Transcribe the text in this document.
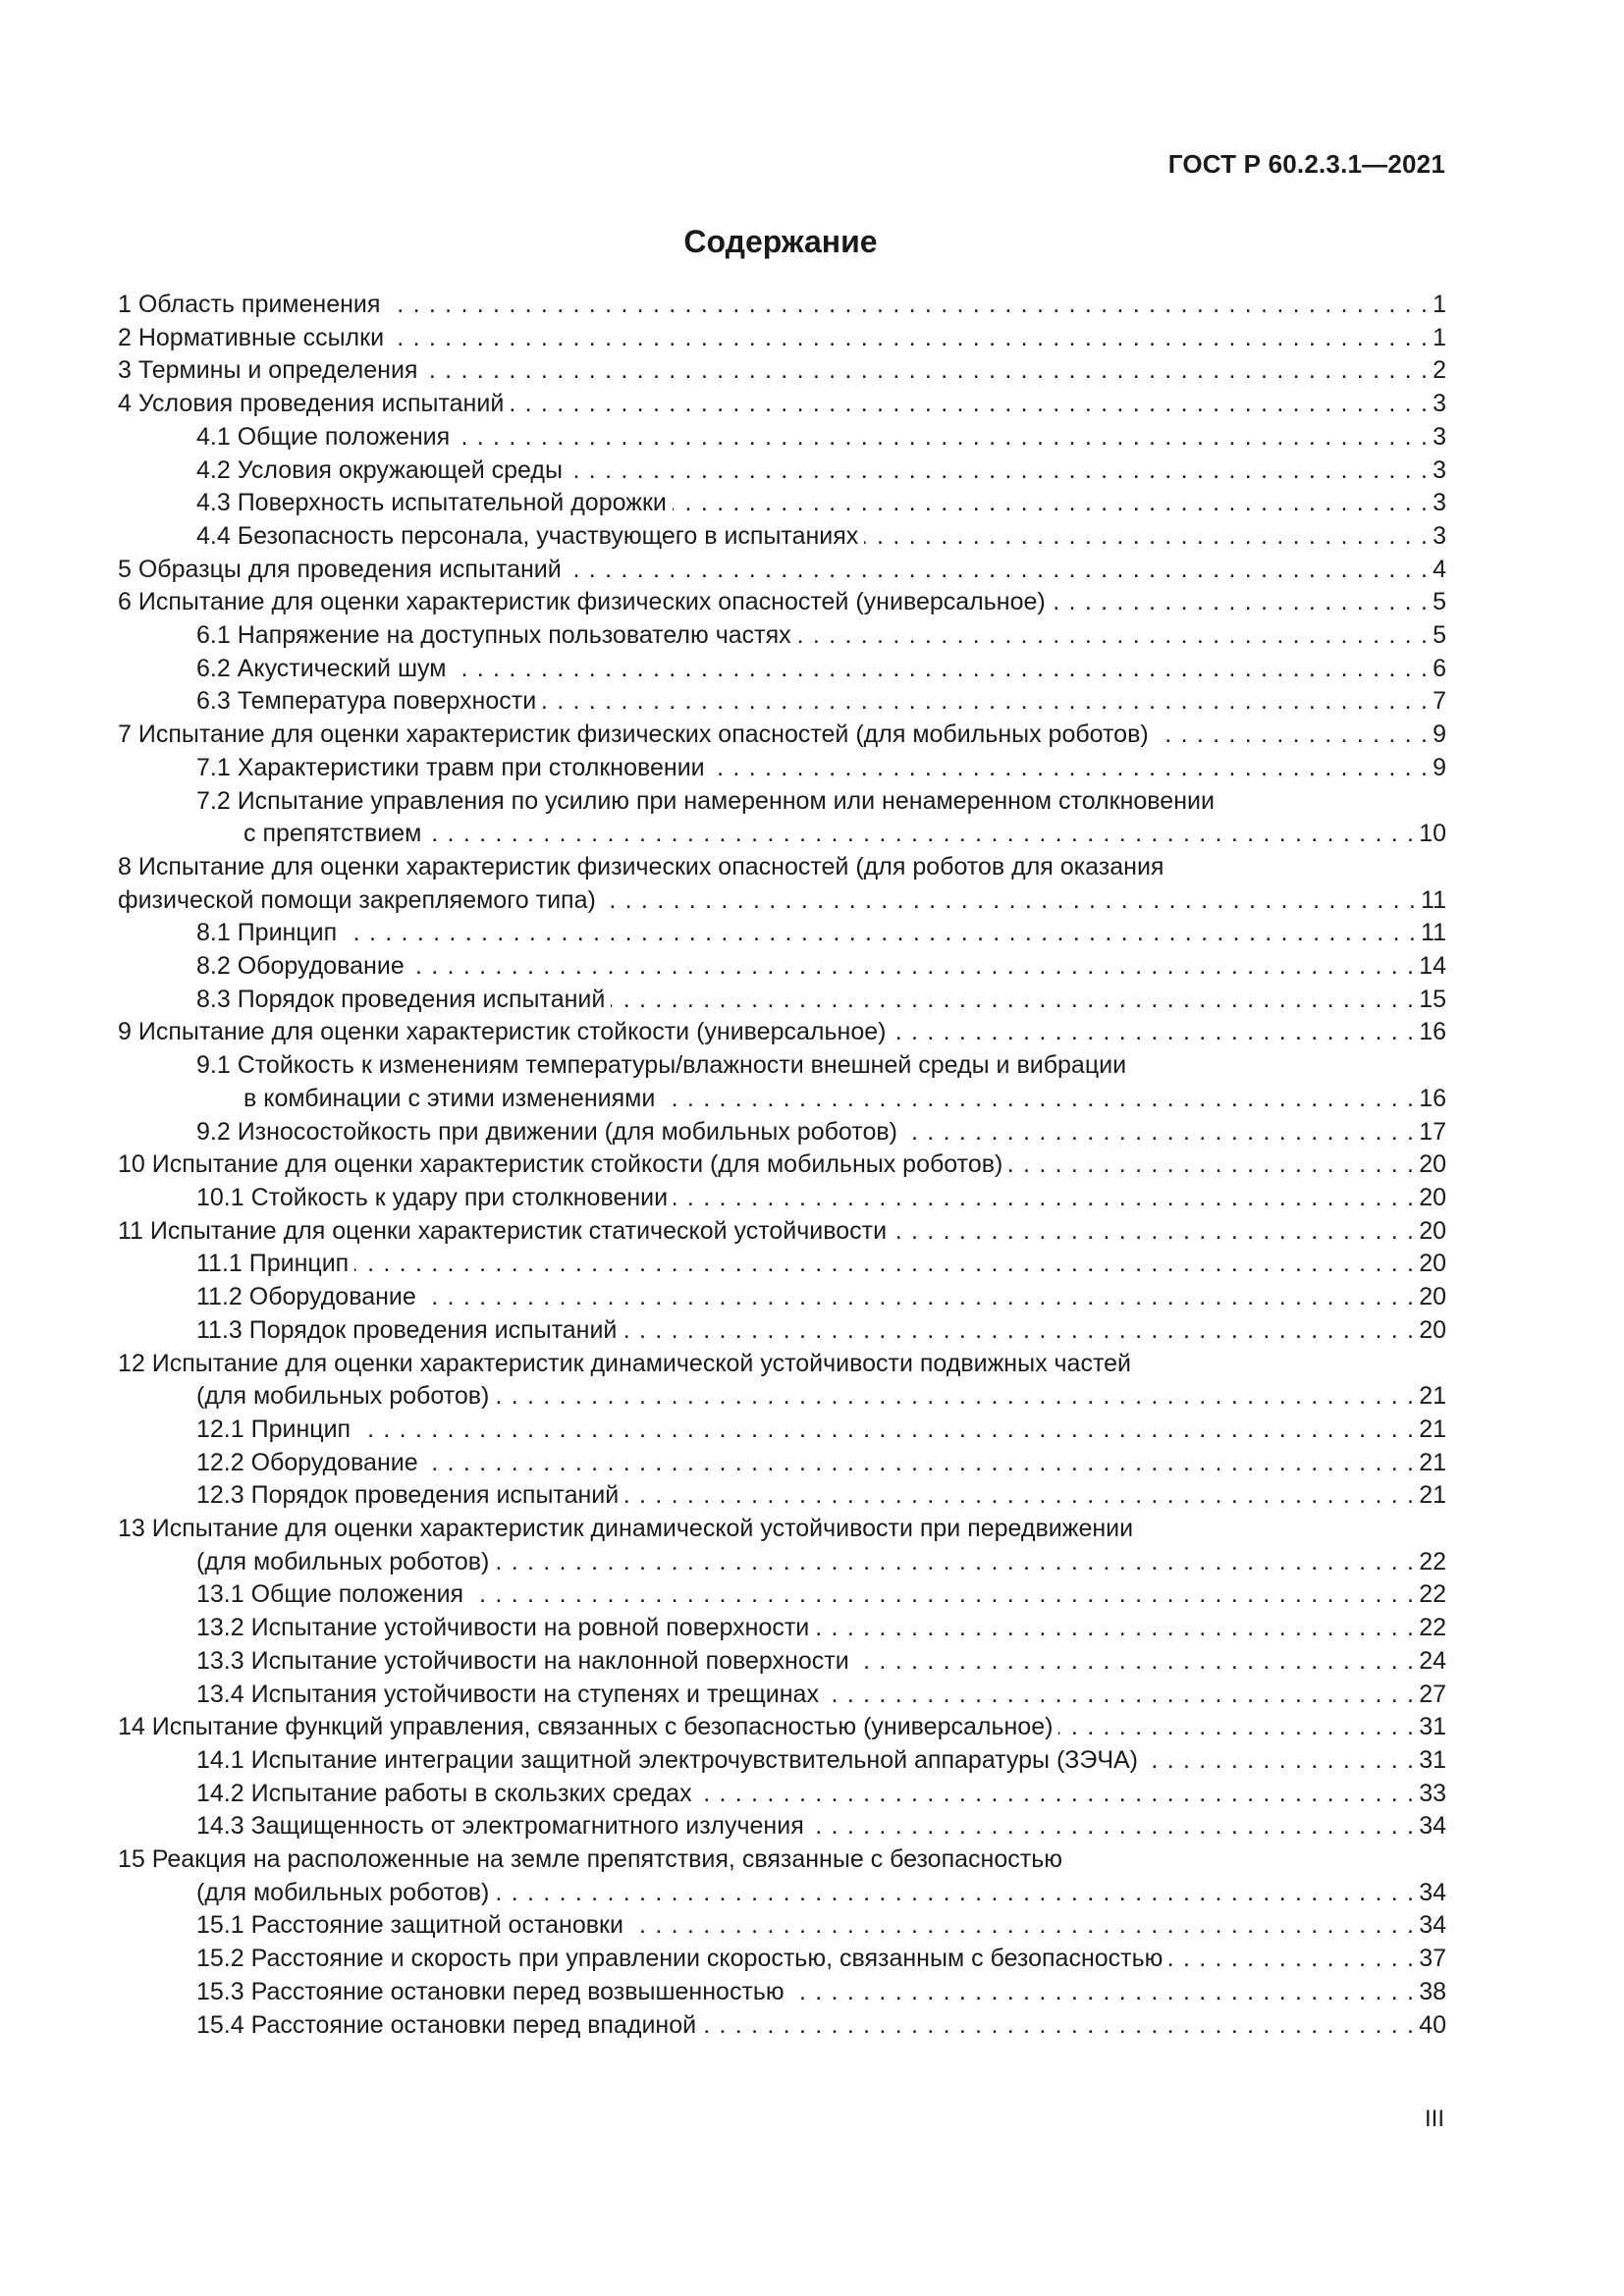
ГОСТ Р 60.2.3.1—2021
Содержание
1 Область применения . . .	1
2 Нормативные ссылки . . .	1
3 Термины и определения . . .	2
4 Условия проведения испытаний . . .	3
4.1 Общие положения . . .	3
4.2 Условия окружающей среды . . .	3
4.3 Поверхность испытательной дорожки . . .	3
4.4 Безопасность персонала, участвующего в испытаниях . . .	3
5 Образцы для проведения испытаний . . .	4
6 Испытание для оценки характеристик физических опасностей (универсальное) . . .	5
6.1 Напряжение на доступных пользователю частях . . .	5
6.2 Акустический шум . . .	6
6.3 Температура поверхности . . .	7
7 Испытание для оценки характеристик физических опасностей (для мобильных роботов) . . .	9
7.1 Характеристики травм при столкновении . . .	9
7.2 Испытание управления по усилию при намеренном или ненамеренном столкновении
с препятствием . . .	10
8 Испытание для оценки характеристик физических опасностей (для роботов для оказания
физической помощи закрепляемого типа) . . .	11
8.1 Принцип . . .	11
8.2 Оборудование . . .	14
8.3 Порядок проведения испытаний . . .	15
9 Испытание для оценки характеристик стойкости (универсальное) . . .	16
9.1 Стойкость к изменениям температуры/влажности внешней среды и вибрации
в комбинации с этими изменениями . . .	16
9.2 Износостойкость при движении (для мобильных роботов) . . .	17
10 Испытание для оценки характеристик стойкости (для мобильных роботов) . . .	20
10.1 Стойкость к удару при столкновении . . .	20
11 Испытание для оценки характеристик статической устойчивости . . .	20
11.1 Принцип . . .	20
11.2 Оборудование . . .	20
11.3 Порядок проведения испытаний . . .	20
12 Испытание для оценки характеристик динамической устойчивости подвижных частей
(для мобильных роботов) . . .	21
12.1 Принцип . . .	21
12.2 Оборудование . . .	21
12.3 Порядок проведения испытаний . . .	21
13 Испытание для оценки характеристик динамической устойчивости при передвижении
(для мобильных роботов) . . .	22
13.1 Общие положения . . .	22
13.2 Испытание устойчивости на ровной поверхности . . .	22
13.3 Испытание устойчивости на наклонной поверхности . . .	24
13.4 Испытания устойчивости на ступенях и трещинах . . .	27
14 Испытание функций управления, связанных с безопасностью (универсальное) . . .	31
14.1 Испытание интеграции защитной электрочувствительной аппаратуры (ЗЭЧА) . . .	31
14.2 Испытание работы в скользких средах . . .	33
14.3 Защищенность от электромагнитного излучения . . .	34
15 Реакция на расположенные на земле препятствия, связанные с безопасностью
(для мобильных роботов) . . .	34
15.1 Расстояние защитной остановки . . .	34
15.2 Расстояние и скорость при управлении скоростью, связанным с безопасностью . . .	37
15.3 Расстояние остановки перед возвышенностью . . .	38
15.4 Расстояние остановки перед впадиной . . .	40
III
